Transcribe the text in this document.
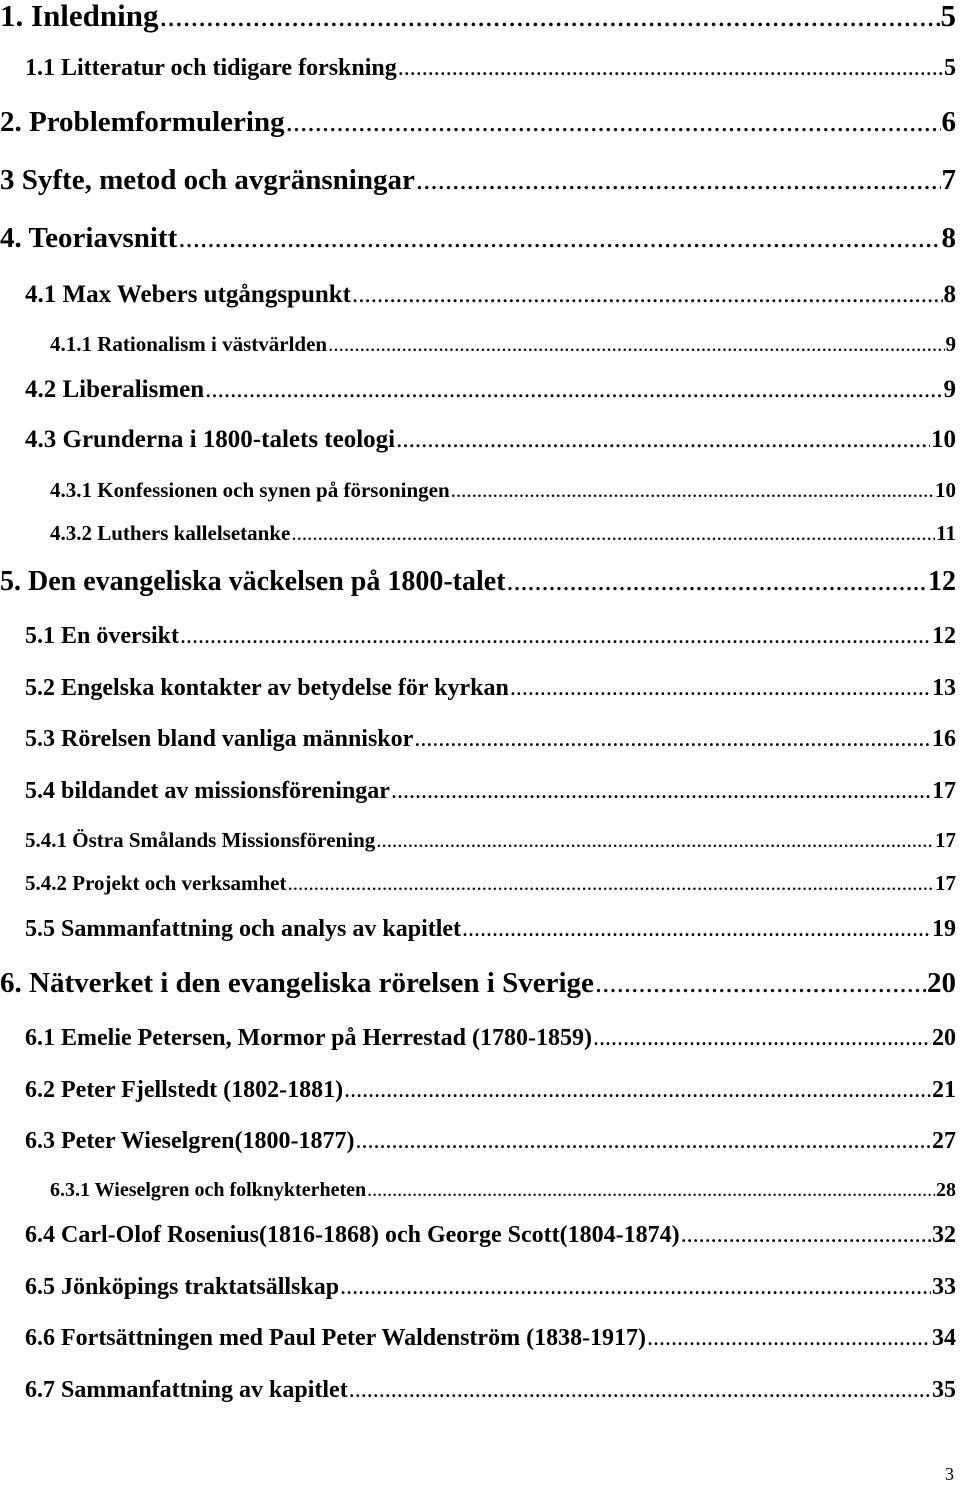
1. Inledning .....	5
1.1 Litteratur och tidigare forskning .....	5
2. Problemformulering .....	6
3 Syfte, metod och avgränsningar .....	7
4. Teoriavsnitt .....	8
4.1 Max Webers utgångspunkt .....	8
4.1.1 Rationalism i västvärlden .....	9
4.2 Liberalismen .....	9
4.3 Grunderna i 1800-talets teologi .....	10
4.3.1 Konfessionen och synen på försoningen .....	10
4.3.2 Luthers kallelsetanke .....	11
5. Den evangeliska väckelsen på 1800-talet .....	12
5.1 En översikt .....	12
5.2 Engelska kontakter av betydelse för kyrkan .....	13
5.3 Rörelsen bland vanliga människor .....	16
5.4 bildandet av missionsföreningar .....	17
5.4.1 Östra Smålands Missionsförening .....	17
5.4.2 Projekt och verksamhet .....	17
5.5 Sammanfattning och analys av kapitlet .....	19
6. Nätverket i den evangeliska rörelsen i Sverige .....	20
6.1 Emelie Petersen, Mormor på Herrestad (1780-1859) .....	20
6.2 Peter Fjellstedt (1802-1881) .....	21
6.3 Peter Wieselgren(1800-1877) .....	27
6.3.1 Wieselgren och folknykterheten .....	28
6.4 Carl-Olof Rosenius(1816-1868) och George Scott(1804-1874) .....	32
6.5 Jönköpings traktatsällskap .....	33
6.6 Fortsättningen med Paul Peter Waldenström (1838-1917) .....	34
6.7 Sammanfattning av kapitlet .....	35
3
